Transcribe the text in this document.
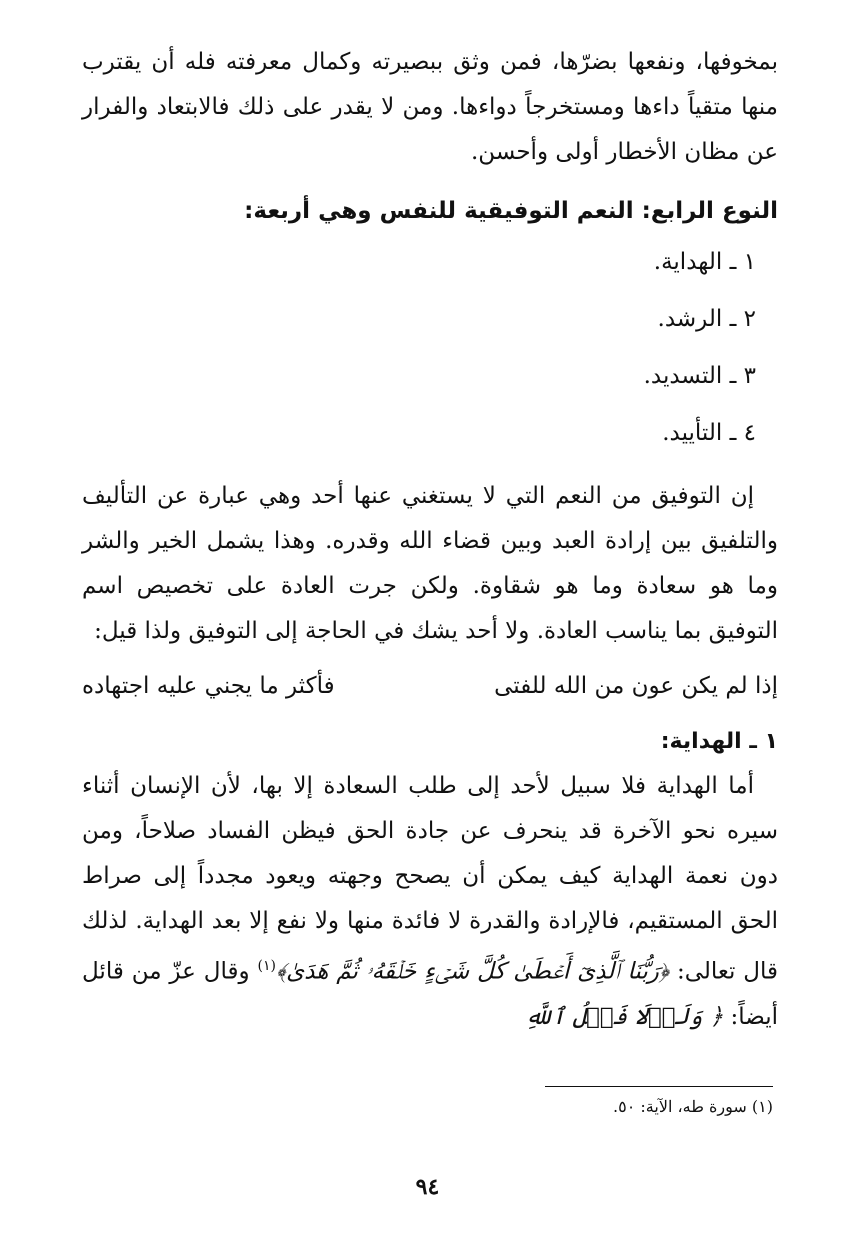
بمخوفها، ونفعها بضرّها، فمن وثق ببصيرته وكمال معرفته فله أن يقترب منها متقياً داءها ومستخرجاً دواءها. ومن لا يقدر على ذلك فالابتعاد والفرار عن مظان الأخطار أولى وأحسن.

النوع الرابع: النعم التوفيقية للنفس وهي أربعة:
١ ـ الهداية.
٢ ـ الرشد.
٣ ـ التسديد.
٤ ـ التأييد.

إن التوفيق من النعم التي لا يستغني عنها أحد وهي عبارة عن التأليف والتلفيق بين إرادة العبد وبين قضاء الله وقدره. وهذا يشمل الخير والشر وما هو سعادة وما هو شقاوة. ولكن جرت العادة على تخصيص اسم التوفيق بما يناسب العادة. ولا أحد يشك في الحاجة إلى التوفيق ولذا قيل:

إذا لم يكن عون من الله للفتى
فأكثر ما يجني عليه اجتهاده
١ ـ الهداية:

أما الهداية فلا سبيل لأحد إلى طلب السعادة إلا بها، لأن الإنسان أثناء سيره نحو الآخرة قد ينحرف عن جادة الحق فيظن الفساد صلاحاً، ومن دون نعمة الهداية كيف يمكن أن يصحح وجهته ويعود مجدداً إلى صراط الحق المستقيم، فالإرادة والقدرة لا فائدة منها ولا نفع إلا بعد الهداية. لذلك قال تعالى: ﴿رَبُّنَا ٱلَّذِىٓ أَعۡطَىٰ كُلَّ شَىۡءٍ خَلۡقَهُۥ ثُمَّ هَدَىٰ﴾$^{(١)}$ وقال عزّ من قائل أيضاً: ﴿ وَلَوۡلَا فَضۡلُ ٱللَّهِ

(١) سورة طه، الآية: ٥٠.
٩٤
